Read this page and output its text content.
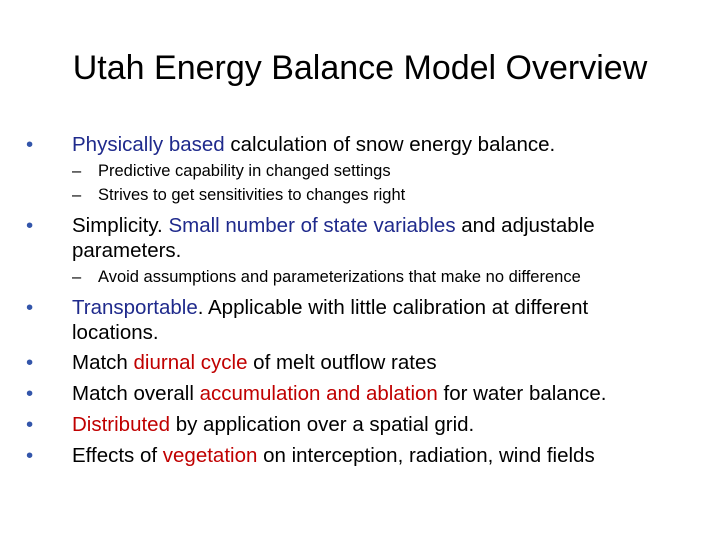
Utah Energy Balance Model Overview
• Physically based calculation of snow energy balance.
– Predictive capability in changed settings
– Strives to get sensitivities to changes right
• Simplicity. Small number of state variables and adjustable
parameters.
– Avoid assumptions and parameterizations that make no difference
• Transportable. Applicable with little calibration at different
locations.
• Match diurnal cycle of melt outflow rates
• Match overall accumulation and ablation for water balance.
• Distributed by application over a spatial grid.
• Effects of vegetation on interception, radiation, wind fields
